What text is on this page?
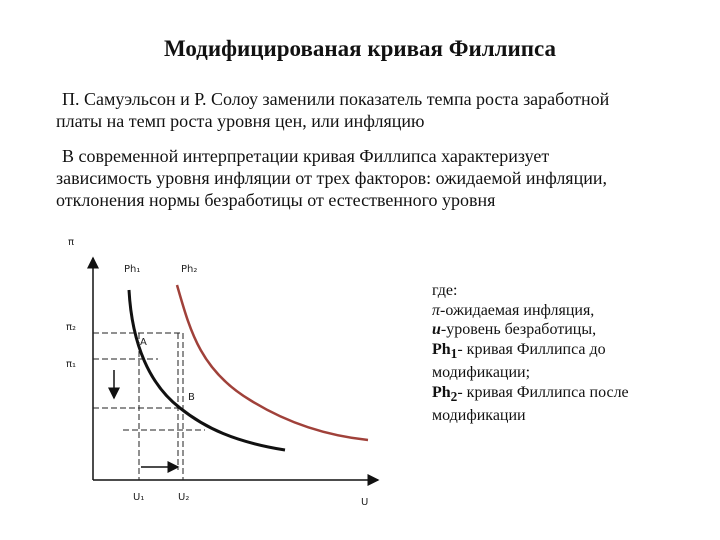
Модифицированая кривая Филлипса
П. Самуэльсон и Р. Солоу заменили показатель темпа роста заработной
платы на темп роста уровня цен, или инфляцию
В современной интерпретации кривая Филлипса характеризует
зависимость уровня инфляции от трех факторов: ожидаемой инфляции,
отклонения нормы безработицы от естественного уровня
π
Ph₁	Ph₂
π₂
π₁
A
B
U₁	U₂	U
где:
π-ожидаемая инфляция,
u-уровень безработицы,
$Ph_1-$ кривая Филлипса до
модификации;
$Ph_2-$ кривая Филлипса после
модификации
